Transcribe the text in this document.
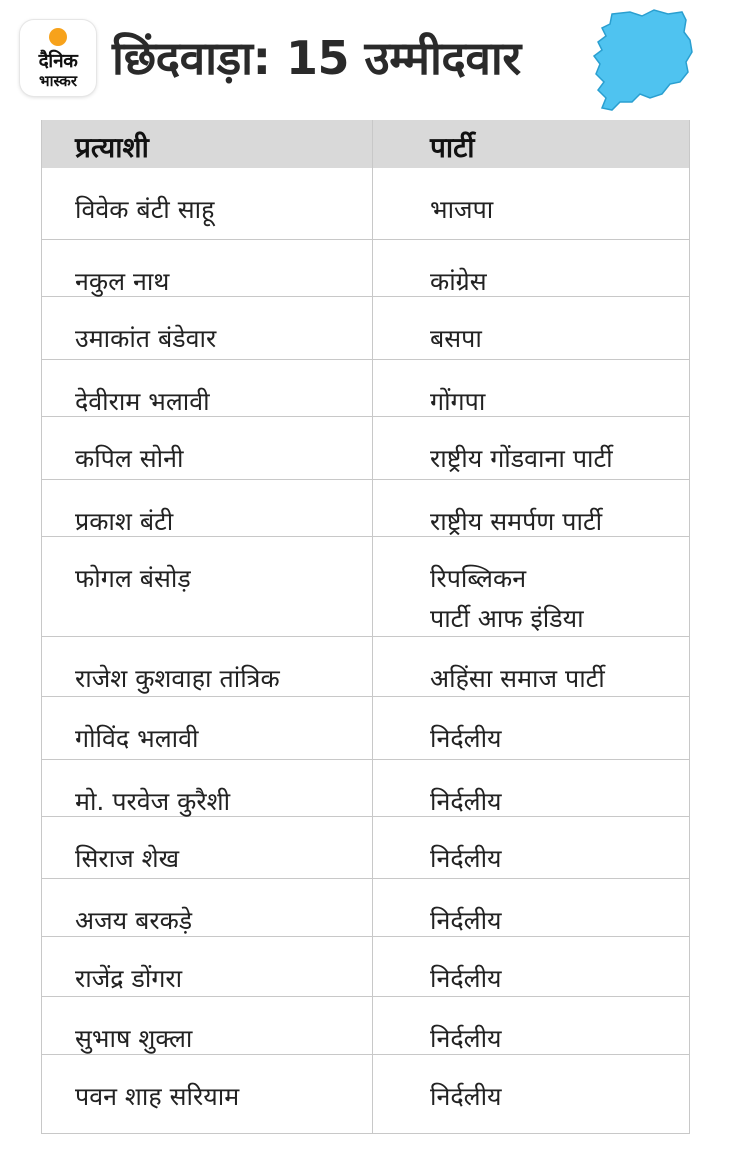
दैनिक
भास्कर छिंदवाड़ा: 15 उम्मीदवार
प्रत्याशी	पार्टी
विवेक बंटी साहू	भाजपा
नकुल नाथ	कांग्रेस
उमाकांत बंडेवार	बसपा
देवीराम भलावी	गोंगपा
कपिल सोनी	राष्ट्रीय गोंडवाना पार्टी
प्रकाश बंटी	राष्ट्रीय समर्पण पार्टी
फोगल बंसोड़	रिपब्लिकन
पार्टी आफ इंडिया
राजेश कुशवाहा तांत्रिक	अहिंसा समाज पार्टी
गोविंद भलावी	निर्दलीय
मो. परवेज कुरैशी	निर्दलीय
सिराज शेख	निर्दलीय
अजय बरकड़े	निर्दलीय
राजेंद्र डोंगरा	निर्दलीय
सुभाष शुक्ला	निर्दलीय
पवन शाह सरियाम	निर्दलीय
